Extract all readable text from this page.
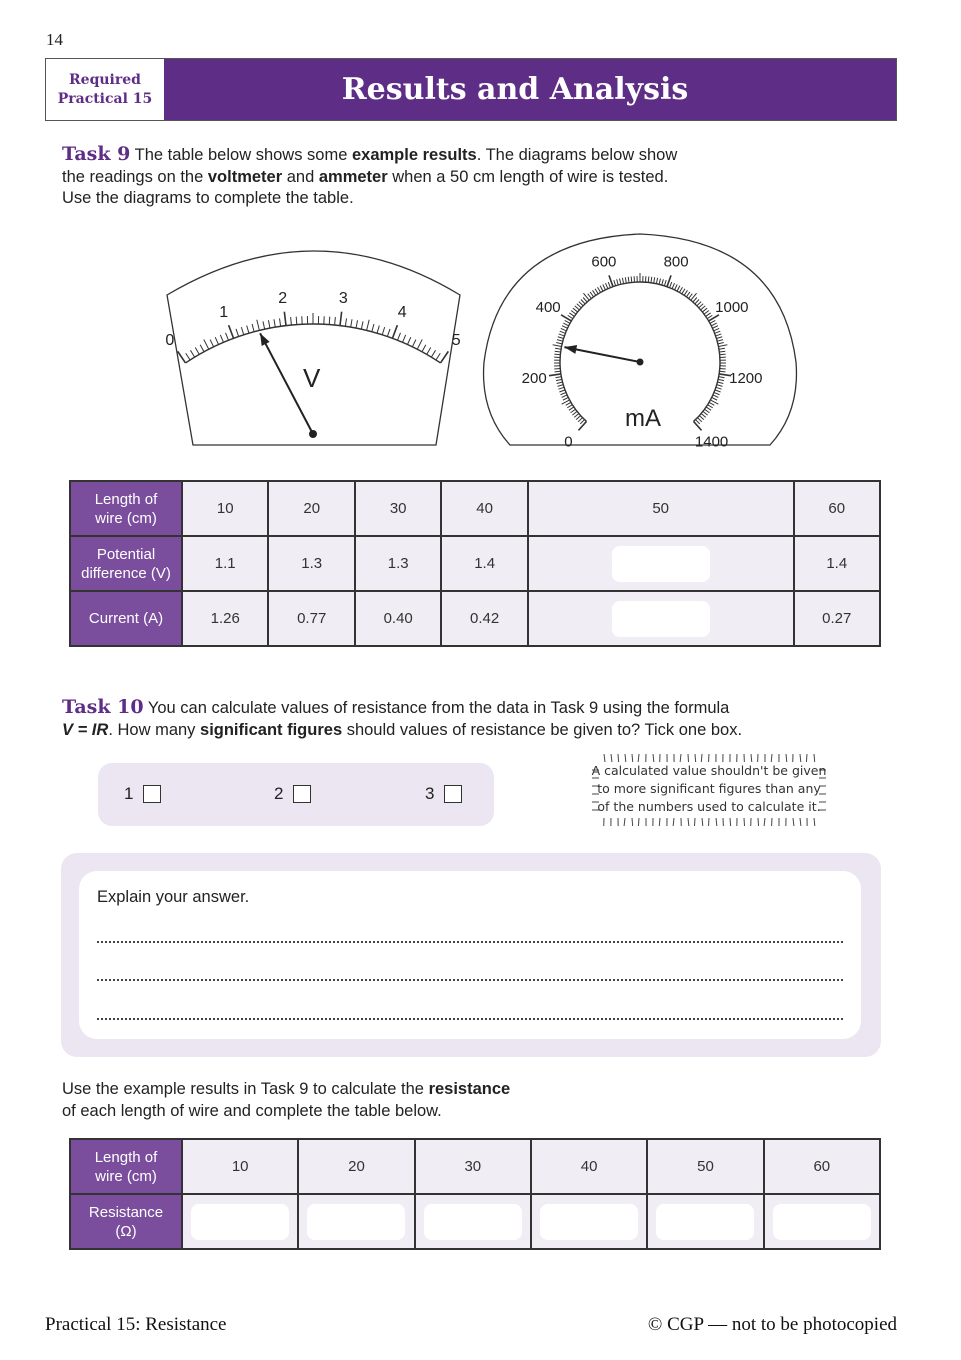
14
Required
Practical 15	Results and Analysis
Task 9 The table below shows some example results. The diagrams below show
the readings on the voltmeter and ammeter when a 50 cm length of wire is tested.
Use the diagrams to complete the table.
0
1
2	3
4
5
V
0
200
400
600	800
1000
1200
1400
mA
Length of
wire (cm)	10	20	30	40	50	60
Potential
difference (V)	1.1	1.3	1.3	1.4		1.4
Current (A)	1.26	0.77	0.40	0.42		0.27
Task 10 You can calculate values of resistance from the data in Task 9 using the formula
V = IR. How many significant figures should values of resistance be given to? Tick one box.
1	2	3
A calculated value shouldn't be given
to more significant figures than any
of the numbers used to calculate it.
Explain your answer.
Use the example results in Task 9 to calculate the resistance
of each length of wire and complete the table below.
Length of
wire (cm)	10	20	30	40	50	60
Resistance
(Ω)						
Practical 15: Resistance	© CGP — not to be photocopied
